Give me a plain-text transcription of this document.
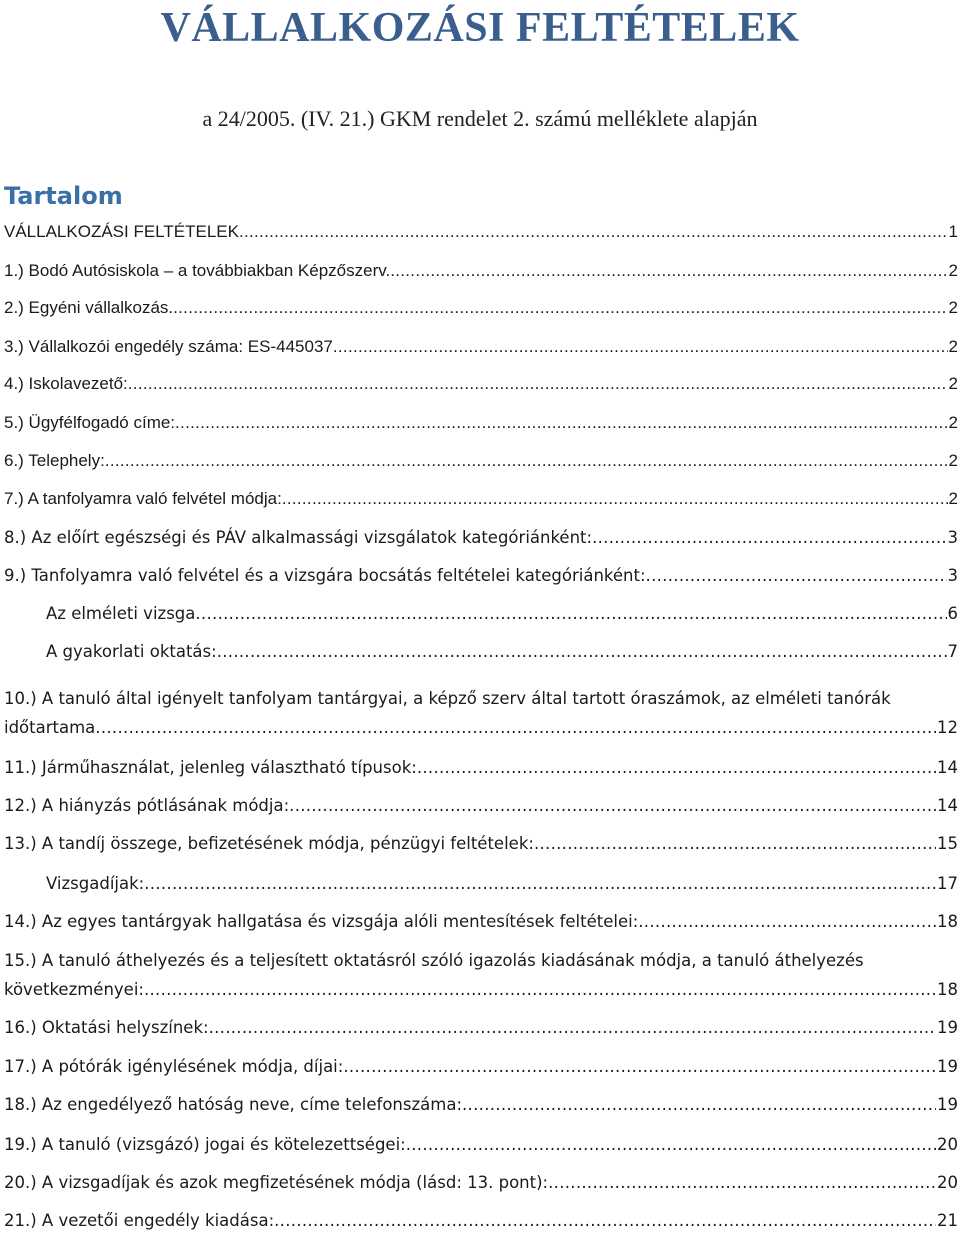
VÁLLALKOZÁSI FELTÉTELEK
a 24/2005. (IV. 21.) GKM rendelet 2. számú melléklete alapján
Tartalom
VÁLLALKOZÁSI FELTÉTELEK .....	1
1.) Bodó Autósiskola – a továbbiakban Képzőszerv. .....	2
2.) Egyéni vállalkozás. .....	2
3.) Vállalkozói engedély száma: ES-445037 .....	2
4.) Iskolavezető: .....	2
5.) Ügyfélfogadó címe: .....	2
6.) Telephely: .....	2
7.) A tanfolyamra való felvétel módja: .....	2
8.) Az előírt egészségi és PÁV alkalmassági vizsgálatok kategóriánként: .....	3
9.) Tanfolyamra való felvétel és a vizsgára bocsátás feltételei kategóriánként: .....	3
Az elméleti vizsga .....	6
A gyakorlati oktatás: .....	7
10.) A tanuló által igényelt tanfolyam tantárgyai, a képző szerv által tartott óraszámok, az elméleti tanórák
időtartama .....	12
11.) Járműhasználat, jelenleg választható típusok: .....	14
12.) A hiányzás pótlásának módja: .....	14
13.) A tandíj összege, befizetésének módja, pénzügyi feltételek: .....	15
Vizsgadíjak: .....	17
14.) Az egyes tantárgyak hallgatása és vizsgája alóli mentesítések feltételei: .....	18
15.) A tanuló áthelyezés és a teljesített oktatásról szóló igazolás kiadásának módja, a tanuló áthelyezés
következményei: .....	18
16.) Oktatási helyszínek: .....	19
17.) A pótórák igénylésének módja, díjai: .....	19
18.) Az engedélyező hatóság neve, címe telefonszáma: .....	19
19.) A tanuló (vizsgázó) jogai és kötelezettségei: .....	20
20.) A vizsgadíjak és azok megfizetésének módja (lásd: 13. pont): .....	20
21.) A vezetői engedély kiadása: .....	21
